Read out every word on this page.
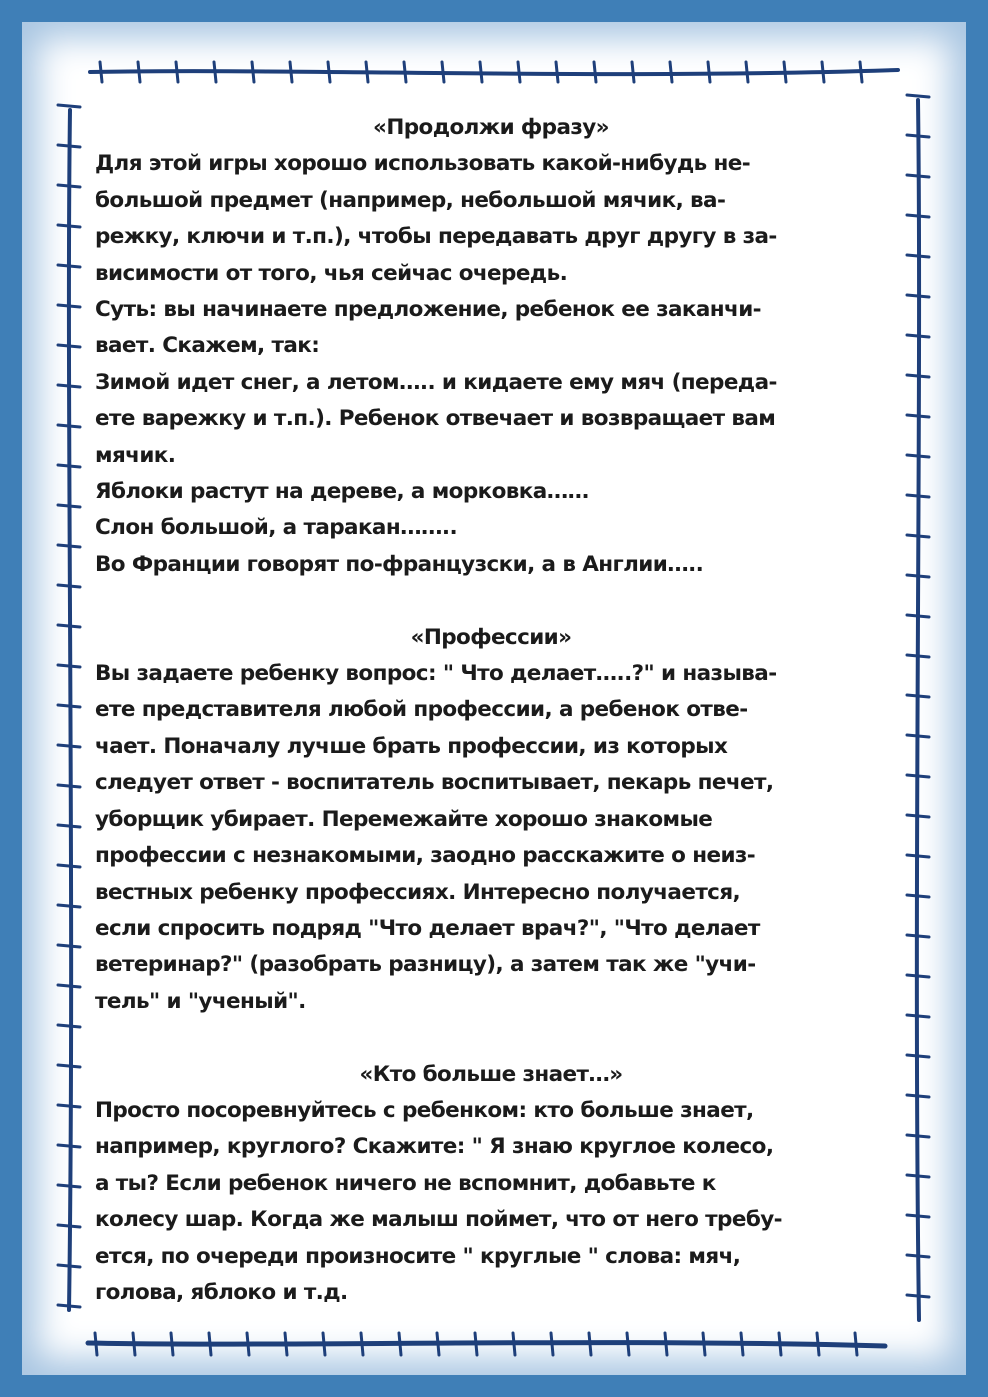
«Продолжи фразу»
Для этой игры хорошо использовать какой-нибудь не-
большой предмет (например, небольшой мячик, ва-
режку, ключи и т.п.), чтобы передавать друг другу в за-
висимости от того, чья сейчас очередь.
Суть: вы начинаете предложение, ребенок ее заканчи-
вает. Скажем, так:
Зимой идет снег, а летом….. и кидаете ему мяч (переда-
ете варежку и т.п.). Ребенок отвечает и возвращает вам
мячик.
Яблоки растут на дереве, а морковка……
Слон большой, а таракан……..
Во Франции говорят по-французски, а в Англии…..
«Профессии»
Вы задаете ребенку вопрос: " Что делает…..?" и называ-
ете представителя любой профессии, а ребенок отве-
чает. Поначалу лучше брать профессии, из которых
следует ответ - воспитатель воспитывает, пекарь печет,
уборщик убирает. Перемежайте хорошо знакомые
профессии с незнакомыми, заодно расскажите о неиз-
вестных ребенку профессиях. Интересно получается,
если спросить подряд "Что делает врач?", "Что делает
ветеринар?" (разобрать разницу), а затем так же "учи-
тель" и "ученый".
«Кто больше знает…»
Просто посоревнуйтесь с ребенком: кто больше знает,
например, круглого? Скажите: " Я знаю круглое колесо,
а ты? Если ребенок ничего не вспомнит, добавьте к
колесу шар. Когда же малыш поймет, что от него требу-
ется, по очереди произносите " круглые " слова: мяч,
голова, яблоко и т.д.
